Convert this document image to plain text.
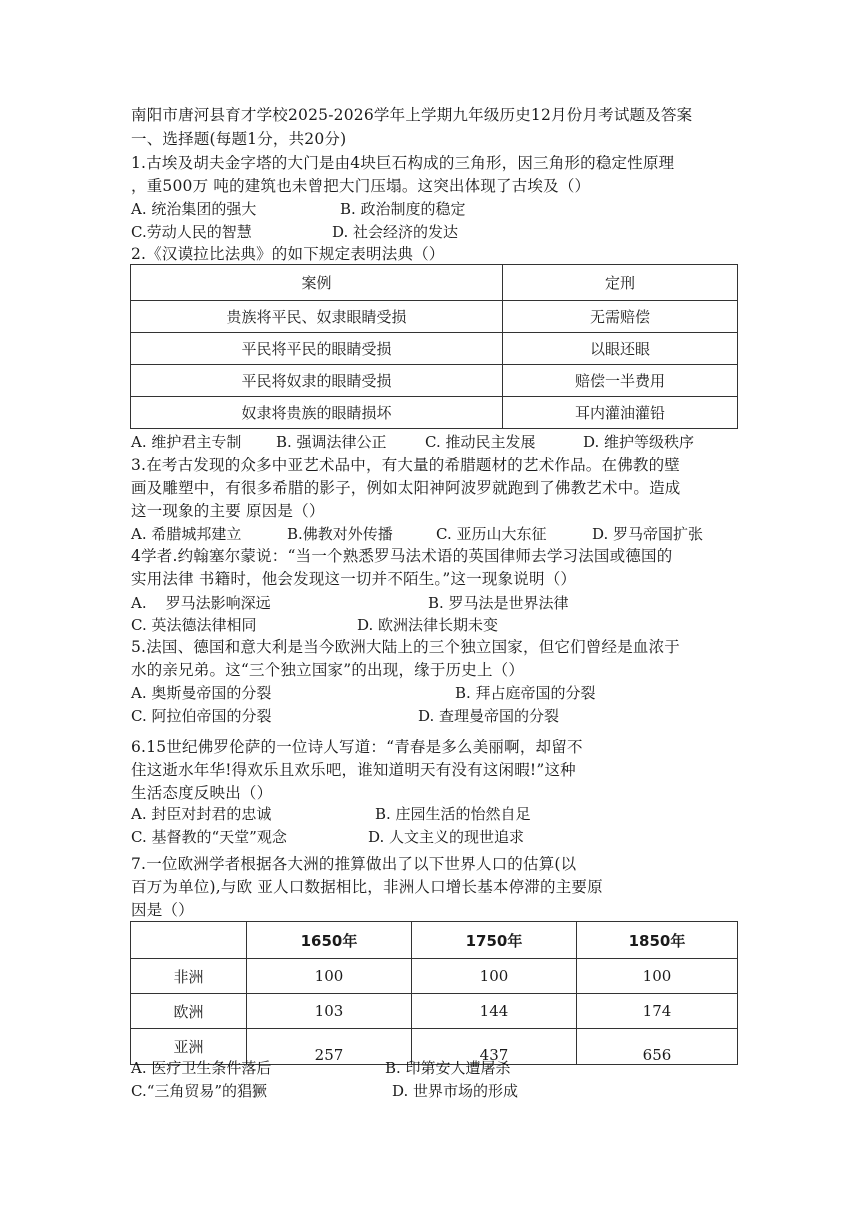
南阳市唐河县育才学校2025-2026学年上学期九年级历史12月份月考试题及答案
一、选择题(每题1分，共20分)
1.古埃及胡夫金字塔的大门是由4块巨石构成的三角形，因三角形的稳定性原理
，重500万 吨的建筑也未曾把大门压塌。这突出体现了古埃及（）
A. 统治集团的强大	B. 政治制度的稳定
C.劳动人民的智慧	D. 社会经济的发达
2.《汉谟拉比法典》的如下规定表明法典（）
案例	定刑
贵族将平民、奴隶眼睛受损	无需赔偿
平民将平民的眼睛受损	以眼还眼
平民将奴隶的眼睛受损	赔偿一半费用
奴隶将贵族的眼睛损坏	耳内灌油灌铅
A. 维护君主专制 B. 强调法律公正	C. 推动民主发展	D. 维护等级秩序
3.在考古发现的众多中亚艺术品中，有大量的希腊题材的艺术作品。在佛教的壁
画及雕塑中，有很多希腊的影子，例如太阳神阿波罗就跑到了佛教艺术中。造成
这一现象的主要 原因是（）
A. 希腊城邦建立	B.佛教对外传播	C. 亚历山大东征	D. 罗马帝国扩张
4学者.约翰塞尔蒙说：“当一个熟悉罗马法术语的英国律师去学习法国或德国的
实用法律 书籍时，他会发现这一切并不陌生。”这一现象说明（）
A.    罗马法影响深远	B. 罗马法是世界法律
C. 英法德法律相同	D. 欧洲法律长期未变
5.法国、德国和意大利是当今欧洲大陆上的三个独立国家，但它们曾经是血浓于
水的亲兄弟。这“三个独立国家”的出现，缘于历史上（）
A. 奥斯曼帝国的分裂	B. 拜占庭帝国的分裂
C. 阿拉伯帝国的分裂	D. 查理曼帝国的分裂
6.15世纪佛罗伦萨的一位诗人写道：“青春是多么美丽啊，却留不
住这逝水年华!得欢乐且欢乐吧，谁知道明天有没有这闲暇!”这种
生活态度反映出（）
A. 封臣对封君的忠诚	B. 庄园生活的怡然自足
C. 基督教的“天堂”观念	D. 人文主义的现世追求
7.一位欧洲学者根据各大洲的推算做出了以下世界人口的估算(以
百万为单位),与欧 亚人口数据相比，非洲人口增长基本停滞的主要原
因是（）
	1650年	1750年	1850年
非洲	100	100	100
欧洲	103	144	174
亚洲	257	437	656
A. 医疗卫生条件落后	B. 印第安人遭屠杀
C.“三角贸易”的猖獗	D. 世界市场的形成
